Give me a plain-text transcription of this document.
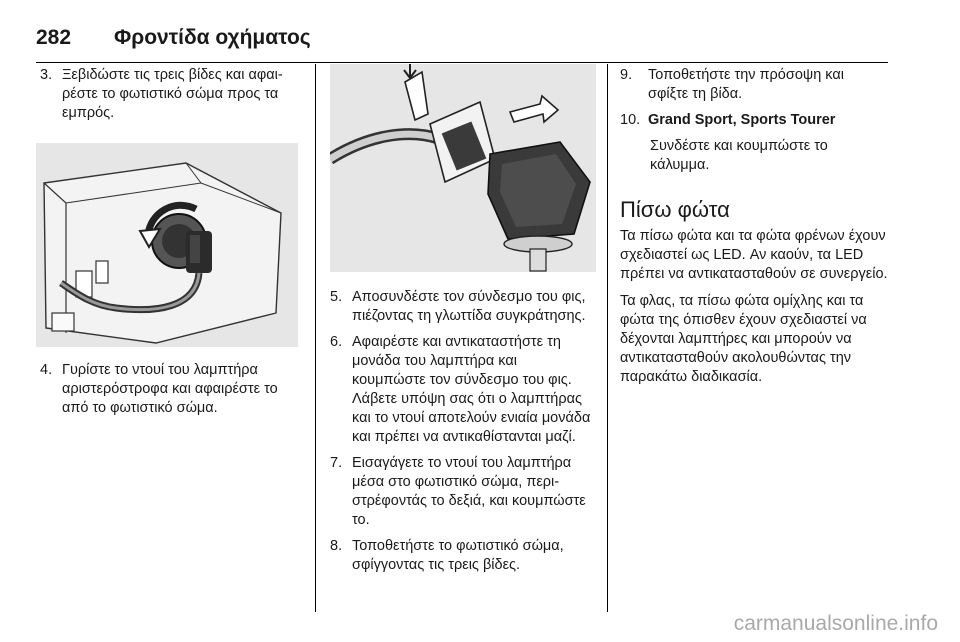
282 Φροντίδα οχήματος
3. Ξεβιδώστε τις τρεις βίδες και αφαιρέστε το φωτιστικό σώμα προς τα εμπρός.
4. Γυρίστε το ντουί του λαμπτήρα αριστερόστροφα και αφαιρέστε το από το φωτιστικό σώμα.
5. Αποσυνδέστε τον σύνδεσμο του φις, πιέζοντας τη γλωττίδα συγκράτησης.
6. Αφαιρέστε και αντικαταστήστε τη μονάδα του λαμπτήρα και κουμπώστε τον σύνδεσμο του φις. Λάβετε υπόψη σας ότι ο λαμπτήρας και το ντουί αποτελούν ενιαία μονάδα και πρέπει να αντικαθίστανται μαζί.
7. Εισαγάγετε το ντουί του λαμπτήρα μέσα στο φωτιστικό σώμα, περιστρέφοντάς το δεξιά, και κουμπώστε το.
8. Τοποθετήστε το φωτιστικό σώμα, σφίγγοντας τις τρεις βίδες.
9.	Τοποθετήστε την πρόσοψη και σφίξτε τη βίδα.
10. Grand Sport, Sports Tourer

Συνδέστε και κουμπώστε το κάλυμμα.

Πίσω φώτα

Τα πίσω φώτα και τα φώτα φρένων έχουν σχεδιαστεί ως LED. Αν καούν, τα LED πρέπει να αντικατασταθούν σε συνεργείο.

Τα φλας, τα πίσω φώτα ομίχλης και τα φώτα της όπισθεν έχουν σχεδιαστεί να δέχονται λαμπτήρες και μπορούν να αντικατασταθούν ακολουθώντας την παρακάτω διαδικασία.

carmanualsonline.info
